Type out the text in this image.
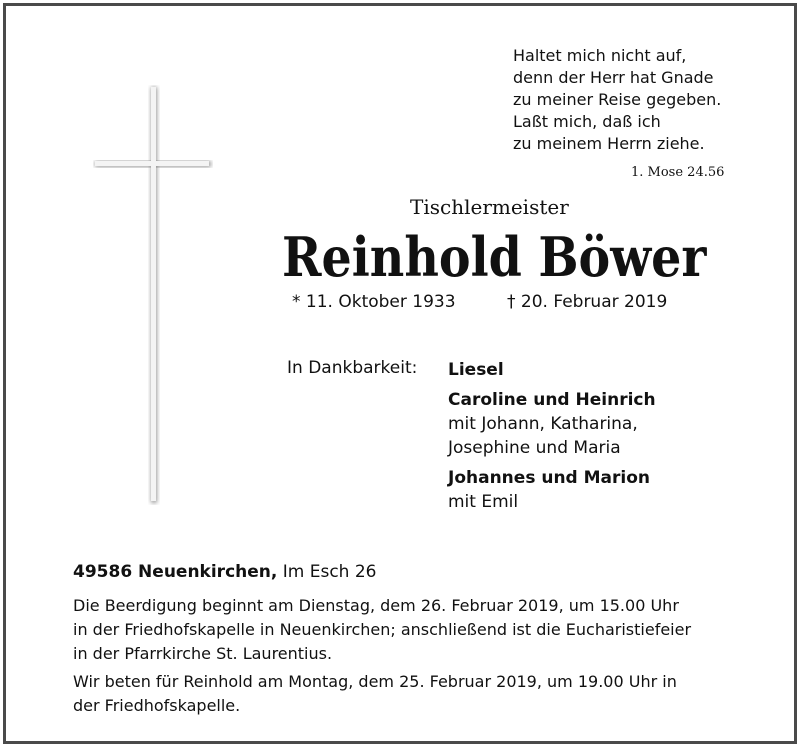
Haltet mich nicht auf,
denn der Herr hat Gnade
zu meiner Reise gegeben.
Laßt mich, daß ich
zu meinem Herrn ziehe.
1. Mose 24.56
Tischlermeister
Reinhold Böwer
* 11. Oktober 1933	† 20. Februar 2019
In Dankbarkeit: Liesel
Caroline und Heinrich
mit Johann, Katharina,
Josephine und Maria
Johannes und Marion
mit Emil
49586 Neuenkirchen, Im Esch 26
Die Beerdigung beginnt am Dienstag, dem 26. Februar 2019, um 15.00 Uhr
in der Friedhofskapelle in Neuenkirchen; anschließend ist die Eucharistiefeier
in der Pfarrkirche St. Laurentius.
Wir beten für Reinhold am Montag, dem 25. Februar 2019, um 19.00 Uhr in
der Friedhofskapelle.
